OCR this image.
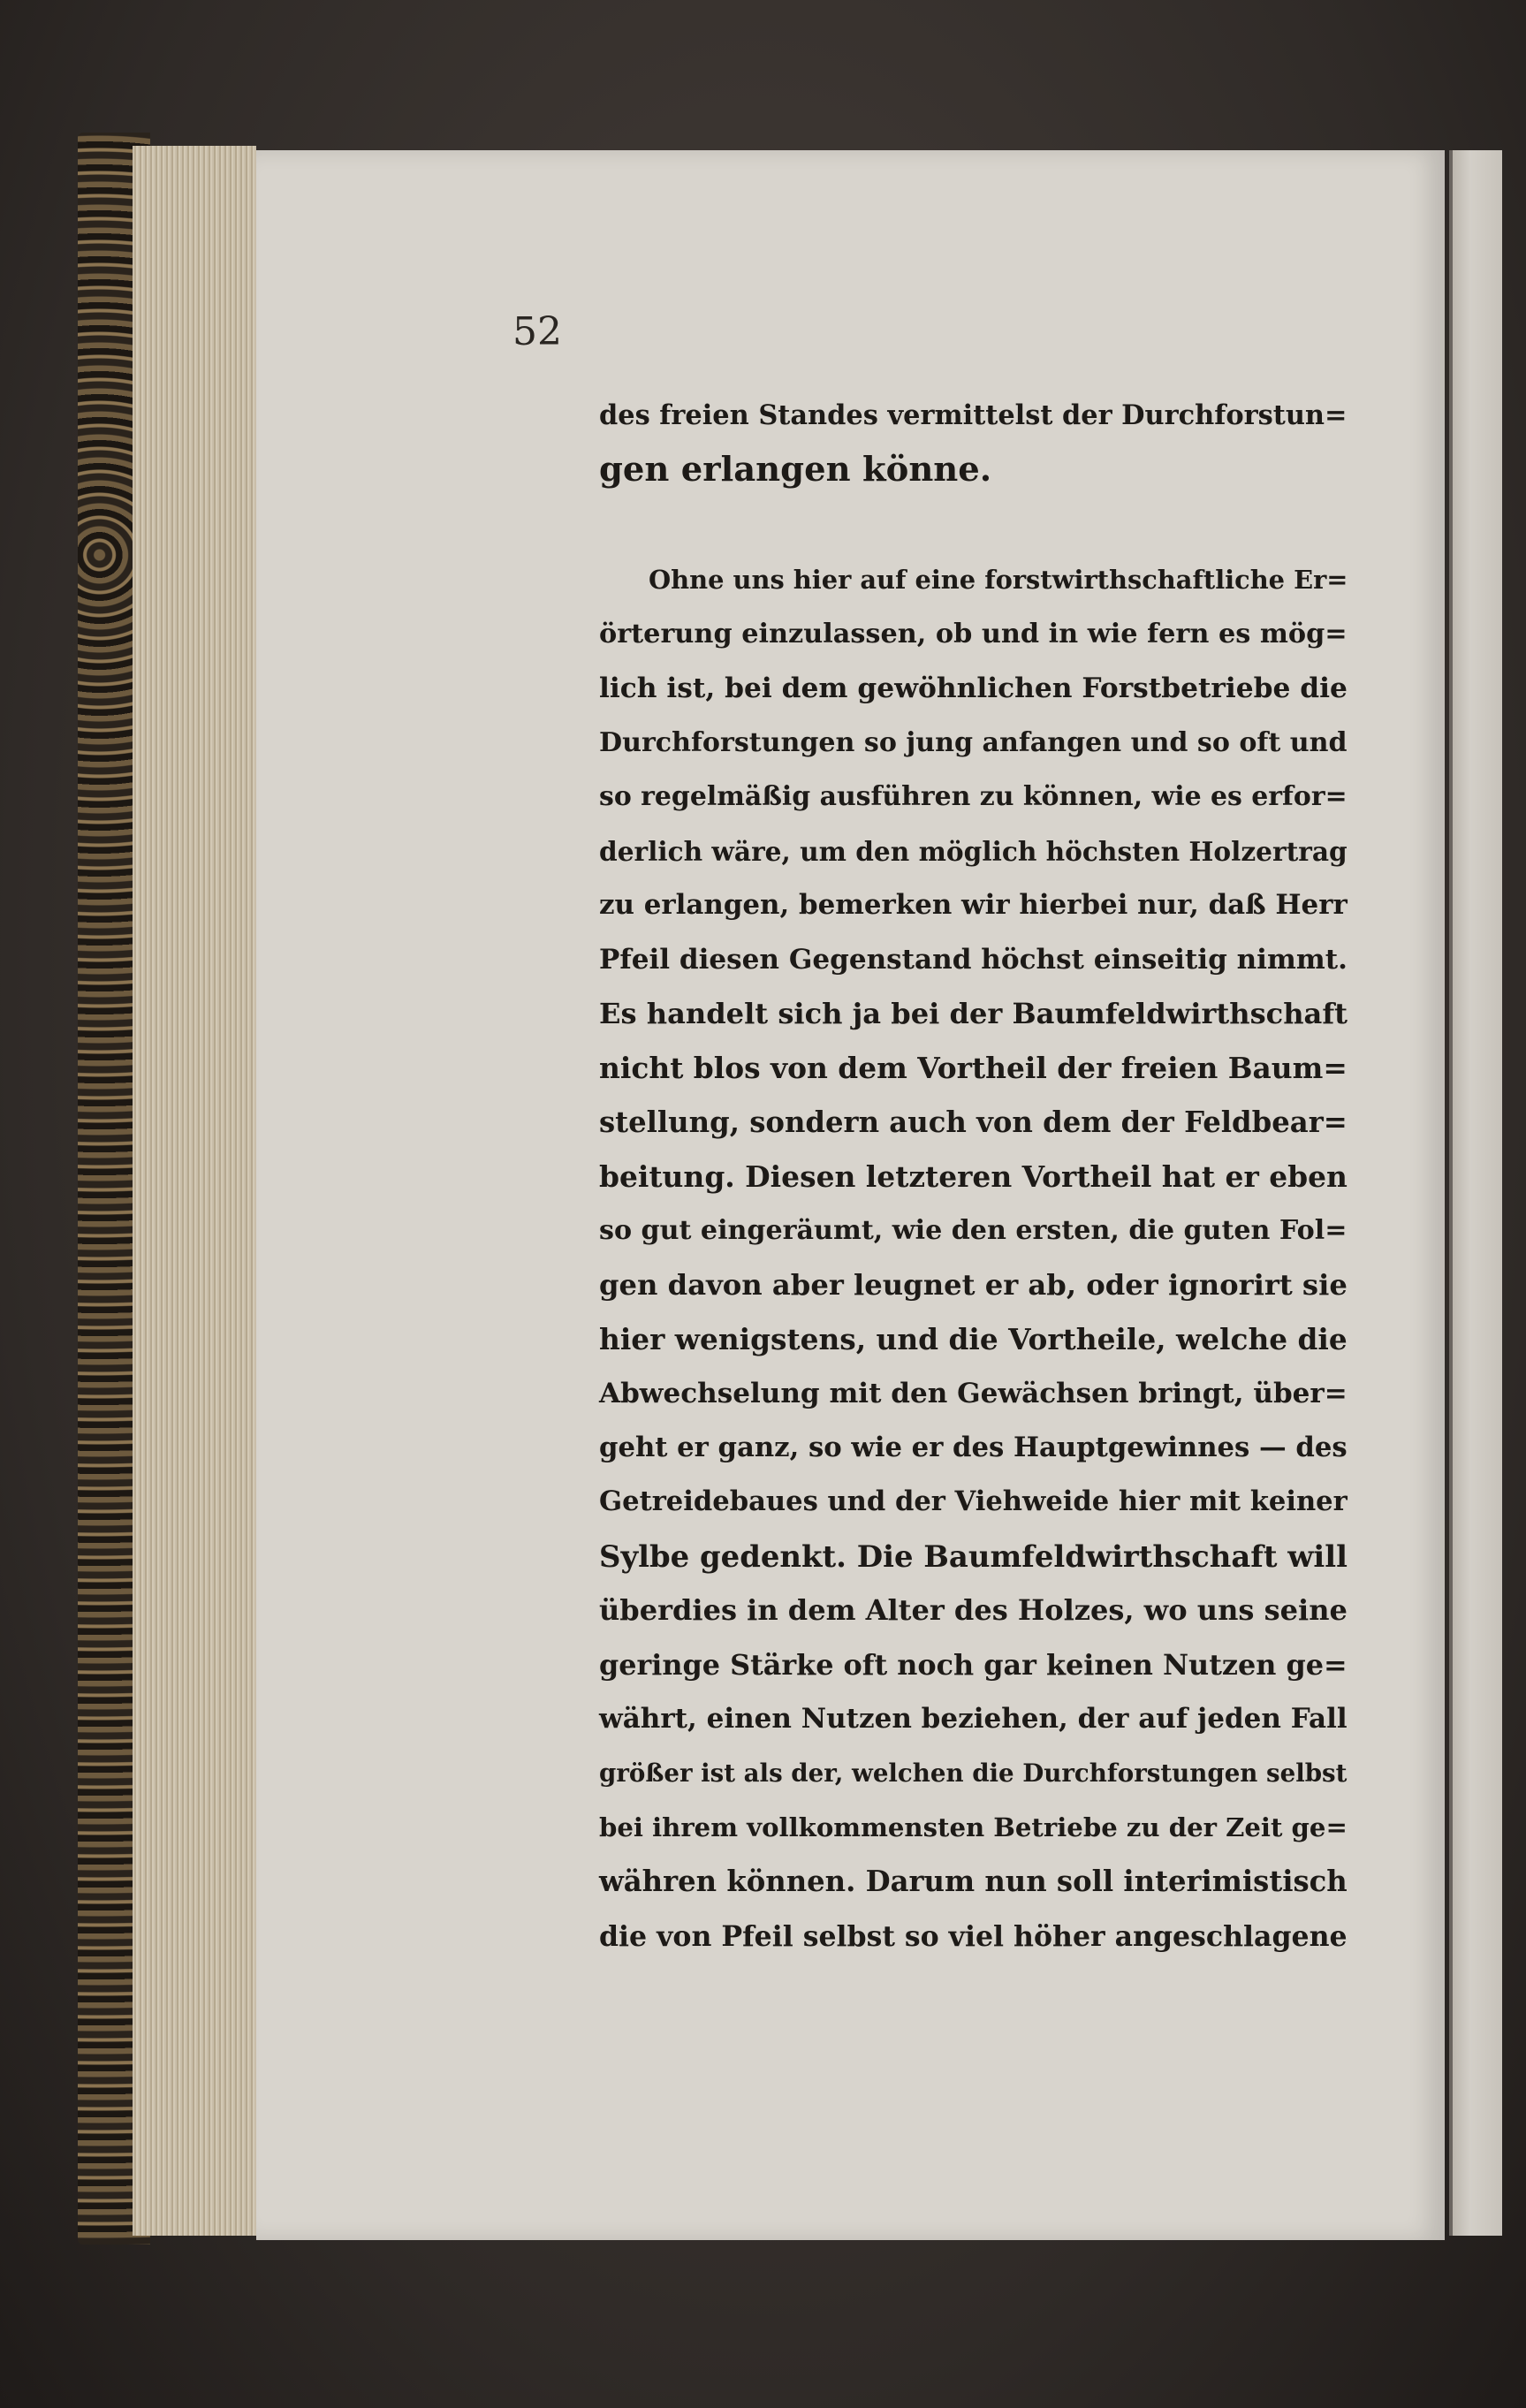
52
des freien Standes vermittelst der Durchforstun=
gen erlangen könne.
Ohne uns hier auf eine forstwirthschaftliche Er=
örterung einzulassen, ob und in wie fern es mög=
lich ist, bei dem gewöhnlichen Forstbetriebe die
Durchforstungen so jung anfangen und so oft und
so regelmäßig ausführen zu können, wie es erfor=
derlich wäre, um den möglich höchsten Holzertrag
zu erlangen, bemerken wir hierbei nur, daß Herr
Pfeil diesen Gegenstand höchst einseitig nimmt.
Es handelt sich ja bei der Baumfeldwirthschaft
nicht blos von dem Vortheil der freien Baum=
stellung, sondern auch von dem der Feldbear=
beitung. Diesen letzteren Vortheil hat er eben
so gut eingeräumt, wie den ersten, die guten Fol=
gen davon aber leugnet er ab, oder ignorirt sie
hier wenigstens, und die Vortheile, welche die
Abwechselung mit den Gewächsen bringt, über=
geht er ganz, so wie er des Hauptgewinnes — des
Getreidebaues und der Viehweide hier mit keiner
Sylbe gedenkt. Die Baumfeldwirthschaft will
überdies in dem Alter des Holzes, wo uns seine
geringe Stärke oft noch gar keinen Nutzen ge=
währt, einen Nutzen beziehen, der auf jeden Fall
größer ist als der, welchen die Durchforstungen selbst
bei ihrem vollkommensten Betriebe zu der Zeit ge=
währen können. Darum nun soll interimistisch
die von Pfeil selbst so viel höher angeschlagene
